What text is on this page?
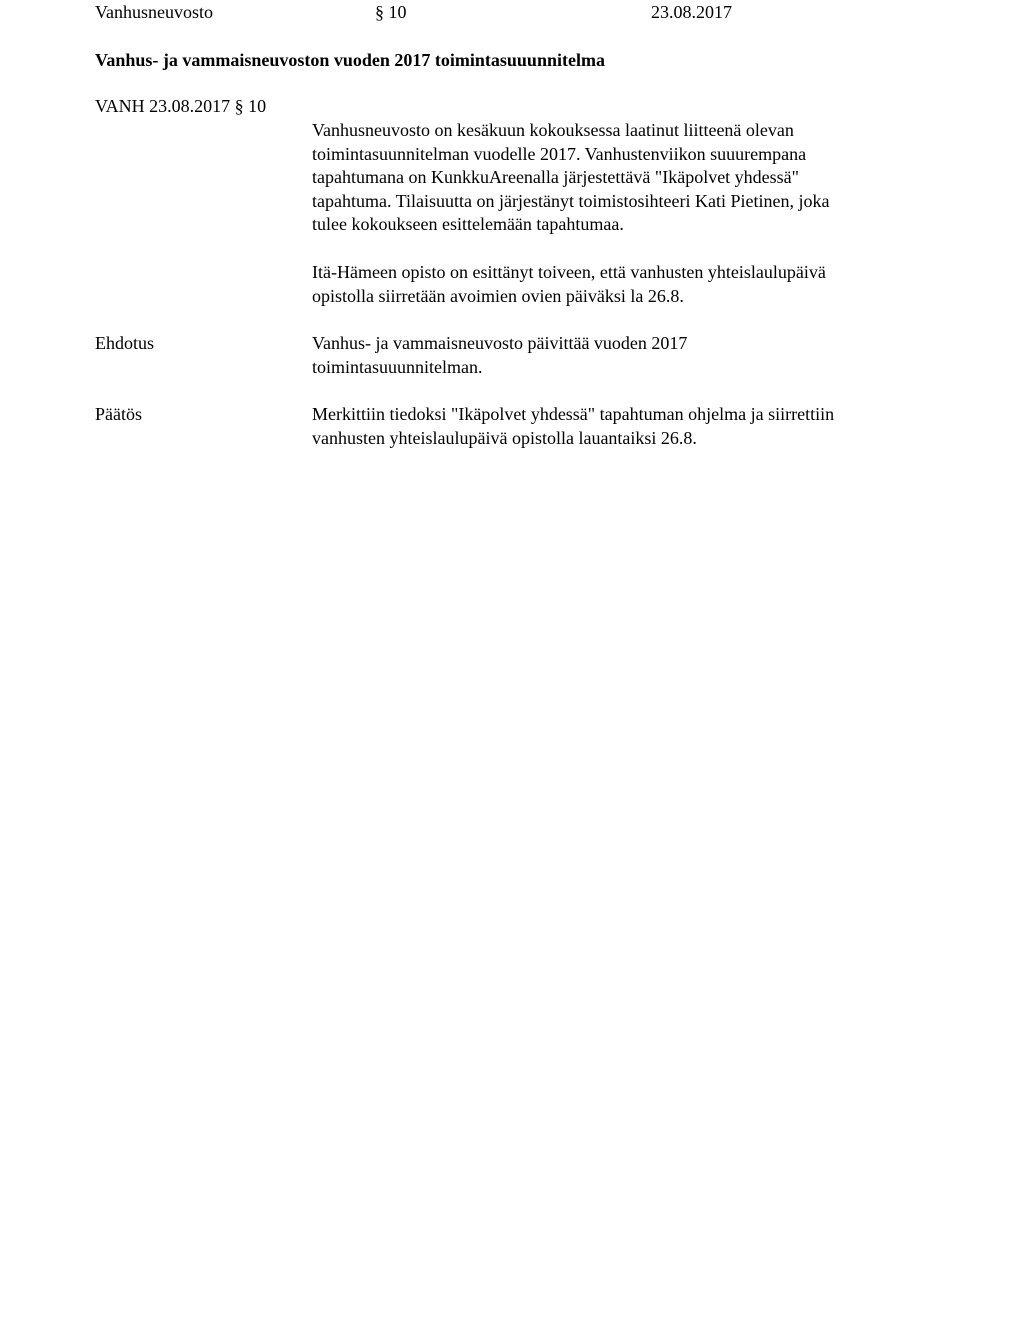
Vanhusneuvosto	§ 10	23.08.2017
Vanhus- ja vammaisneuvoston vuoden 2017 toimintasuuunnitelma
VANH 23.08.2017 § 10

Vanhusneuvosto on kesäkuun kokouksessa laatinut liitteenä olevan
toimintasuunnitelman vuodelle 2017. Vanhustenviikon suuurempana
tapahtumana on KunkkuAreenalla järjestettävä "Ikäpolvet yhdessä"
tapahtuma. Tilaisuutta on järjestänyt toimistosihteeri Kati Pietinen, joka
tulee kokoukseen esittelemään tapahtumaa.

Itä-Hämeen opisto on esittänyt toiveen, että vanhusten yhteislaulupäivä
opistolla siirretään avoimien ovien päiväksi la 26.8.

Ehdotus	Vanhus- ja vammaisneuvosto päivittää vuoden 2017
toimintasuuunnitelman.

Päätös	Merkittiin tiedoksi "Ikäpolvet yhdessä" tapahtuman ohjelma ja siirrettiin
vanhusten yhteislaulupäivä opistolla lauantaiksi 26.8.
